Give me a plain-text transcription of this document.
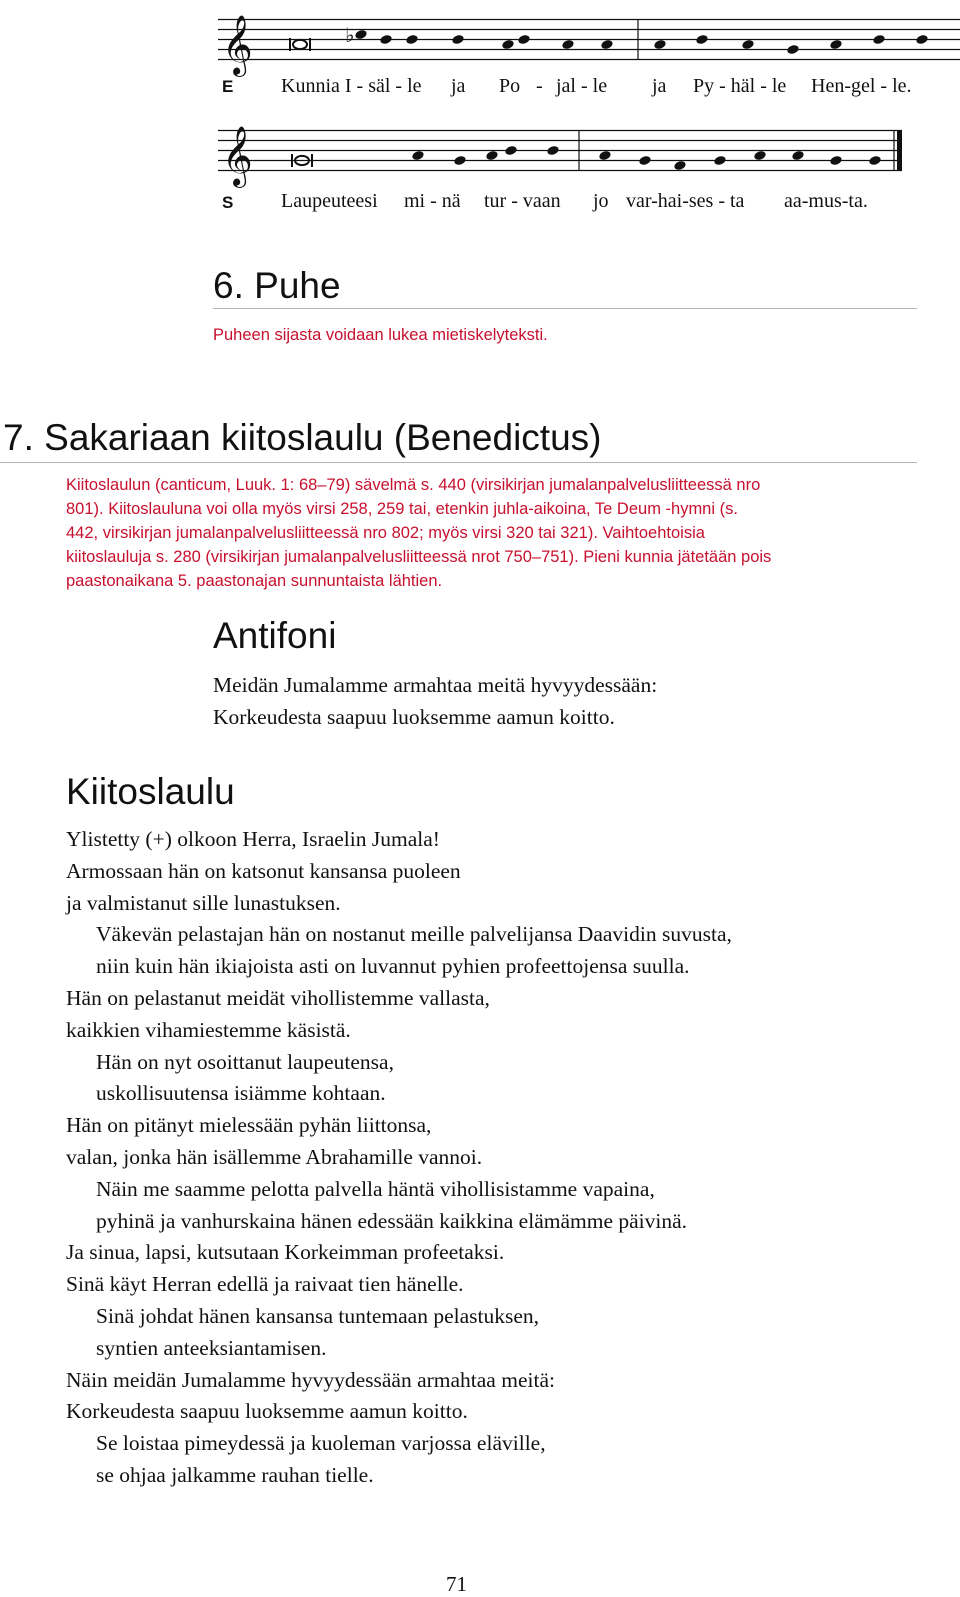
𝄞	♭
E Kunnia I - säl - le ja Po - jal - le ja Py - häl - le Hen-gel - le.
𝄞
S Laupeuteesi mi - nä tur - vaan jo var-hai-ses - ta aa-mus-ta.
6. Puhe
Puheen sijasta voidaan lukea mietiskelyteksti.
7. Sakariaan kiitoslaulu (Benedictus)
Kiitoslaulun (canticum, Luuk. 1: 68–79) sävelmä s. 440 (virsikirjan jumalanpalvelusliitteessä nro
801). Kiitoslauluna voi olla myös virsi 258, 259 tai, etenkin juhla-aikoina, Te Deum -hymni (s.
442, virsikirjan jumalanpalvelusliitteessä nro 802; myös virsi 320 tai 321). Vaihtoehtoisia
kiitoslauluja s. 280 (virsikirjan jumalanpalvelusliitteessä nrot 750–751). Pieni kunnia jätetään pois
paastonaikana 5. paastonajan sunnuntaista lähtien.
Antifoni
Meidän Jumalamme armahtaa meitä hyvyydessään:
Korkeudesta saapuu luoksemme aamun koitto.
Kiitoslaulu
Ylistetty (+) olkoon Herra, Israelin Jumala!
Armossaan hän on katsonut kansansa puoleen
ja valmistanut sille lunastuksen.
Väkevän pelastajan hän on nostanut meille palvelijansa Daavidin suvusta,
niin kuin hän ikiajoista asti on luvannut pyhien profeettojensa suulla.
Hän on pelastanut meidät vihollistemme vallasta,
kaikkien vihamiestemme käsistä.
Hän on nyt osoittanut laupeutensa,
uskollisuutensa isiämme kohtaan.
Hän on pitänyt mielessään pyhän liittonsa,
valan, jonka hän isällemme Abrahamille vannoi.
Näin me saamme pelotta palvella häntä vihollisistamme vapaina,
pyhinä ja vanhurskaina hänen edessään kaikkina elämämme päivinä.
Ja sinua, lapsi, kutsutaan Korkeimman profeetaksi.
Sinä käyt Herran edellä ja raivaat tien hänelle.
Sinä johdat hänen kansansa tuntemaan pelastuksen,
syntien anteeksiantamisen.
Näin meidän Jumalamme hyvyydessään armahtaa meitä:
Korkeudesta saapuu luoksemme aamun koitto.
Se loistaa pimeydessä ja kuoleman varjossa eläville,
se ohjaa jalkamme rauhan tielle.
71
